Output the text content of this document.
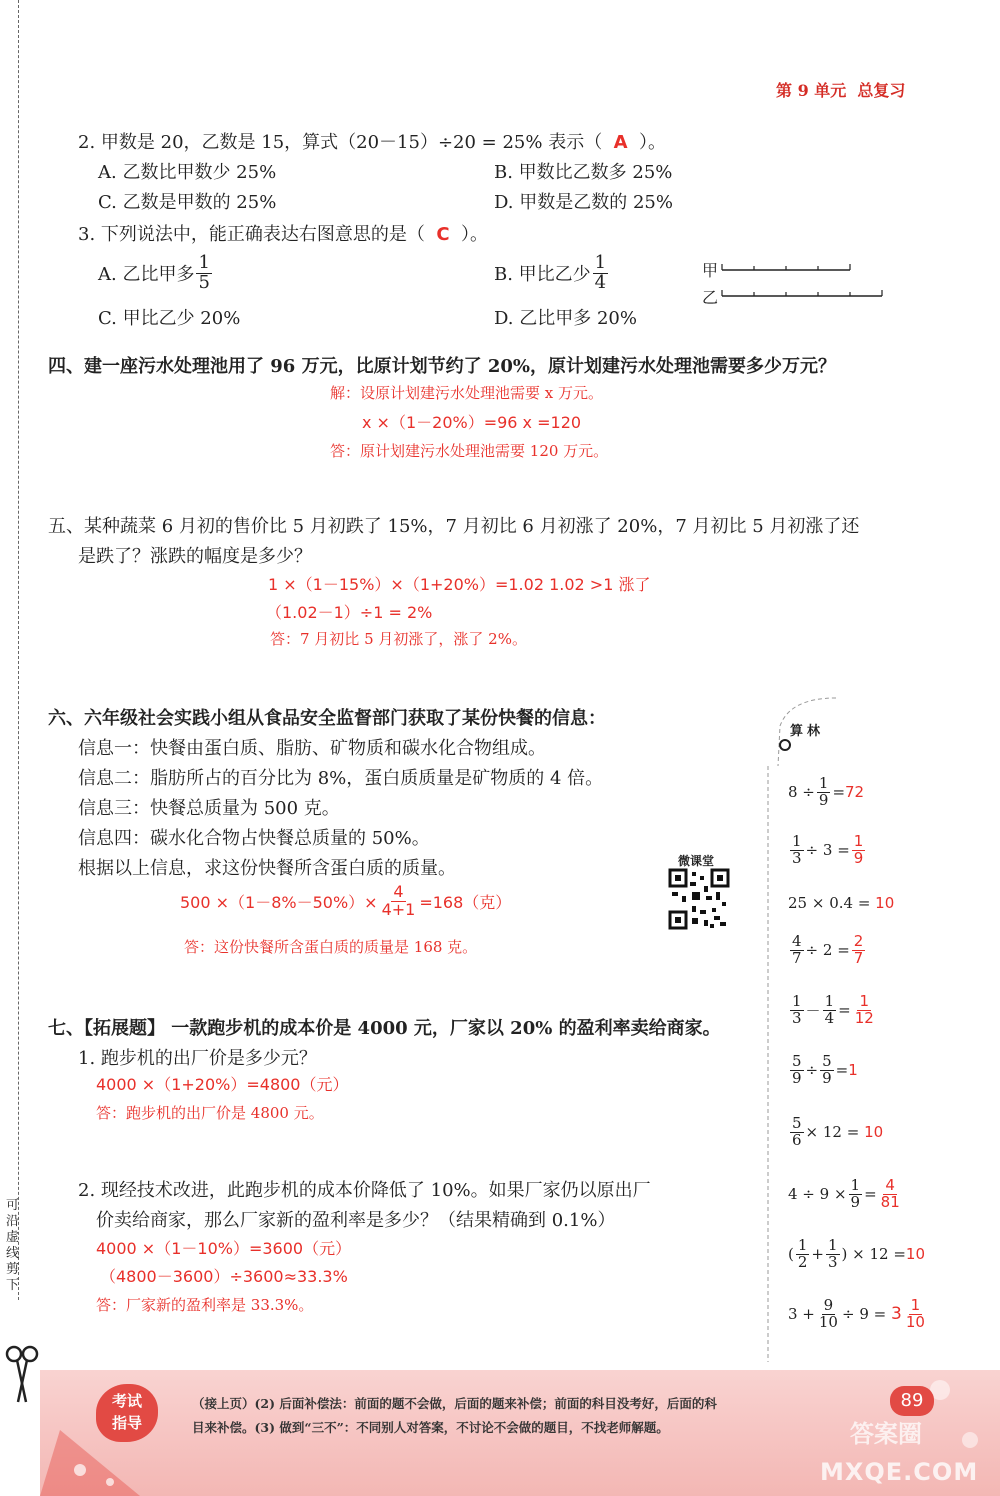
可
沿
虚
线
剪
下
第 9 单元 总复习
2. 甲数是 20，乙数是 15，算式（20－15）÷20 = 25% 表示（ A ）。
A. 乙数比甲数少 25%	B. 甲数比乙数多 25%
C. 乙数是甲数的 25%	D. 甲数是乙数的 25%
3. 下列说法中，能正确表达右图意思的是（ C ）。
A. 乙比甲多 $\frac{1}{5}$	B. 甲比乙少 $\frac{1}{4}$
C. 甲比乙少 20%	D. 乙比甲多 20%
甲
乙
四、建一座污水处理池用了 96 万元，比原计划节约了 20%，原计划建污水处理池需要多少万元？
解：设原计划建污水处理池需要 x 万元。
x ×（1－20%）=96 x =120
答：原计划建污水处理池需要 120 万元。
五、某种蔬菜 6 月初的售价比 5 月初跌了 15%，7 月初比 6 月初涨了 20%，7 月初比 5 月初涨了还
是跌了？涨跌的幅度是多少？
1 ×（1－15%）×（1+20%）=1.02 1.02 >1 涨了
（1.02－1）÷1 = 2%
答：7 月初比 5 月初涨了，涨了 2%。
六、六年级社会实践小组从食品安全监督部门获取了某份快餐的信息：
信息一：快餐由蛋白质、脂肪、矿物质和碳水化合物组成。
信息二：脂肪所占的百分比为 8%，蛋白质质量是矿物质的 4 倍。
信息三：快餐总质量为 500 克。
信息四：碳水化合物占快餐总质量的 50%。
根据以上信息，求这份快餐所含蛋白质的质量。
$500 \times(1-8\%-50\%)\times \frac{4}{4+1} =168$（克）
答：这份快餐所含蛋白质的质量是 168 克。
微课堂
七、【拓展题】 一款跑步机的成本价是 4000 元，厂家以 20% 的盈利率卖给商家。
1. 跑步机的出厂价是多少元？
4000 ×（1+20%）=4800（元）
答：跑步机的出厂价是 4800 元。
2. 现经技术改进，此跑步机的成本价降低了 10%。如果厂家仍以原出厂
价卖给商家，那么厂家新的盈利率是多少？（结果精确到 0.1%）
4000 ×（1－10%）=3600（元）
（4800－3600）÷3600≈33.3%
答：厂家新的盈利率是 33.3%。
算林
$8 \div \frac{1}{9} = 72$
$\frac{1}{3} \div 3 = \frac{1}{9}$
25 × 0.4 =
10
$\frac{4}{7} \div 2 = \frac{2}{7}$
$\frac{1}{3} - \frac{1}{4} = \frac{1}{12}$
$\frac{5}{9} \div \frac{5}{9} = 1$
$\frac{5}{6} \times 12$ =
10
$4 \div 9 \times \frac{1}{9} = \frac{4}{81}$
( $\frac{1}{2} + \frac{1}{3}$ ) × 12 = 10
$3 + \frac{9}{10} \div 9$ =
$3 \frac{1}{10}$
考试
指导
（接上页）(2) 后面补偿法：前面的题不会做，后面的题来补偿；前面的科目没考好，后面的科
目来补偿。(3) 做到“三不”：不同别人对答案，不讨论不会做的题目，不找老师解题。
89
答案圈
MXQE.COM
